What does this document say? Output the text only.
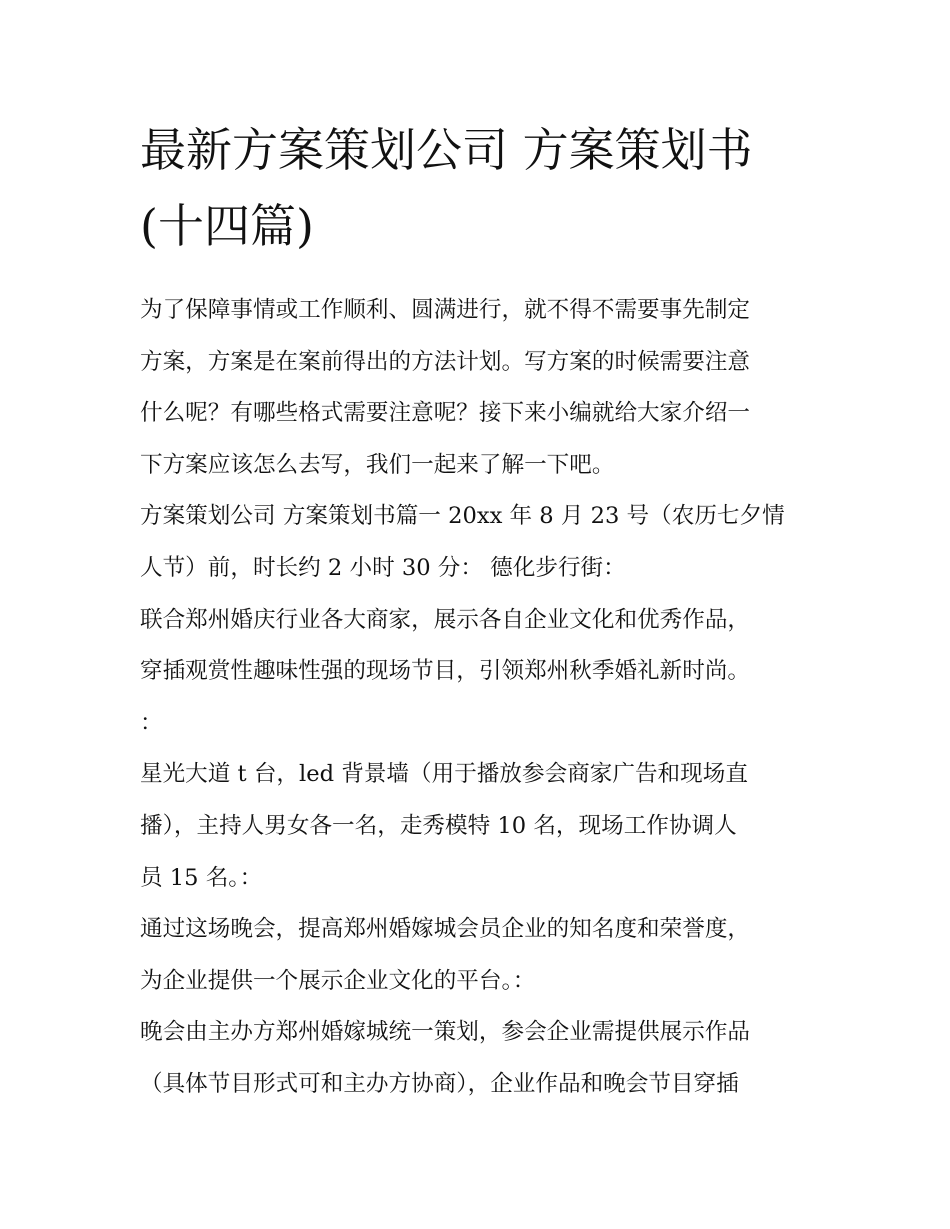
最新方案策划公司 方案策划书
(十四篇)
为了保障事情或工作顺利、圆满进行，就不得不需要事先制定
方案，方案是在案前得出的方法计划。写方案的时候需要注意
什么呢？有哪些格式需要注意呢？接下来小编就给大家介绍一
下方案应该怎么去写，我们一起来了解一下吧。
方案策划公司 方案策划书篇一 20xx 年 8 月 23 号（农历七夕情
人节）前，时长约 2 小时 30 分： 德化步行街：
联合郑州婚庆行业各大商家，展示各自企业文化和优秀作品，
穿插观赏性趣味性强的现场节目，引领郑州秋季婚礼新时尚。
：
星光大道 t 台，led 背景墙（用于播放参会商家广告和现场直
播），主持人男女各一名，走秀模特 10 名，现场工作协调人
员 15 名。：
通过这场晚会，提高郑州婚嫁城会员企业的知名度和荣誉度，
为企业提供一个展示企业文化的平台。：
晚会由主办方郑州婚嫁城统一策划，参会企业需提供展示作品
（具体节目形式可和主办方协商），企业作品和晚会节目穿插
